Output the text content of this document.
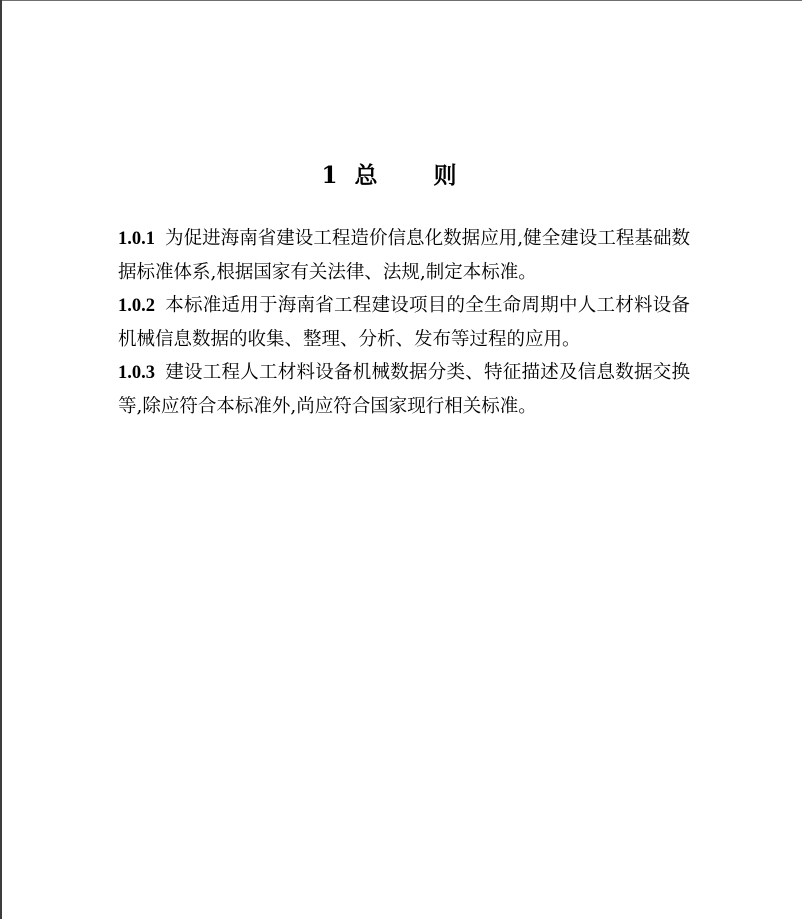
1 总 则

1.0.1 为促进海南省建设工程造价信息化数据应用,健全建设工程基础数据标准体系,根据国家有关法律、法规,制定本标准。

1.0.2 本标准适用于海南省工程建设项目的全生命周期中人工材料设备机械信息数据的收集、整理、分析、发布等过程的应用。

1.0.3 建设工程人工材料设备机械数据分类、特征描述及信息数据交换等,除应符合本标准外,尚应符合国家现行相关标准。
